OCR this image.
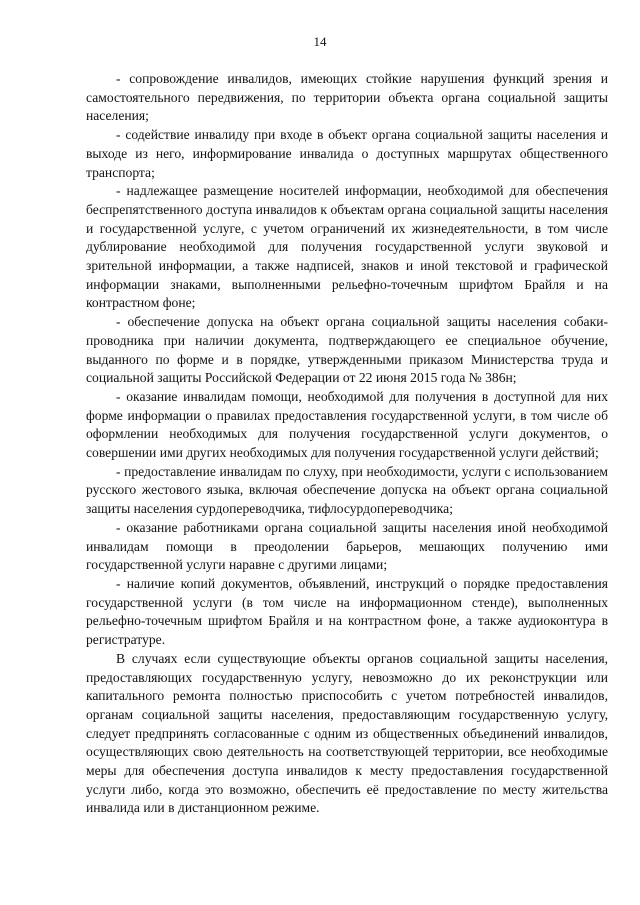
14

- сопровождение инвалидов, имеющих стойкие нарушения функций зрения и самостоятельного передвижения, по территории объекта органа социальной защиты населения;

- содействие инвалиду при входе в объект органа социальной защиты населения и выходе из него, информирование инвалида о доступных маршрутах общественного транспорта;

- надлежащее размещение носителей информации, необходимой для обеспечения беспрепятственного доступа инвалидов к объектам органа социальной защиты населения и государственной услуге, с учетом ограничений их жизнедеятельности, в том числе дублирование необходимой для получения государственной услуги звуковой и зрительной информации, а также надписей, знаков и иной текстовой и графической информации знаками, выполненными рельефно-точечным шрифтом Брайля и на контрастном фоне;

- обеспечение допуска на объект органа социальной защиты населения собаки-проводника при наличии документа, подтверждающего ее специальное обучение, выданного по форме и в порядке, утвержденными приказом Министерства труда и социальной защиты Российской Федерации от 22 июня 2015 года № 386н;

- оказание инвалидам помощи, необходимой для получения в доступной для них форме информации о правилах предоставления государственной услуги, в том числе об оформлении необходимых для получения государственной услуги документов, о совершении ими других необходимых для получения государственной услуги действий;

- предоставление инвалидам по слуху, при необходимости, услуги с использованием русского жестового языка, включая обеспечение допуска на объект органа социальной защиты населения сурдопереводчика, тифлосурдопереводчика;

- оказание работниками органа социальной защиты населения иной необходимой инвалидам помощи в преодолении барьеров, мешающих получению ими государственной услуги наравне с другими лицами;

- наличие копий документов, объявлений, инструкций о порядке предоставления государственной услуги (в том числе на информационном стенде), выполненных рельефно-точечным шрифтом Брайля и на контрастном фоне, а также аудиоконтура в регистратуре.

В случаях если существующие объекты органов социальной защиты населения, предоставляющих государственную услугу, невозможно до их реконструкции или капитального ремонта полностью приспособить с учетом потребностей инвалидов, органам социальной защиты населения, предоставляющим государственную услугу, следует предпринять согласованные с одним из общественных объединений инвалидов, осуществляющих свою деятельность на соответствующей территории, все необходимые меры для обеспечения доступа инвалидов к месту предоставления государственной услуги либо, когда это возможно, обеспечить её предоставление по месту жительства инвалида или в дистанционном режиме.
